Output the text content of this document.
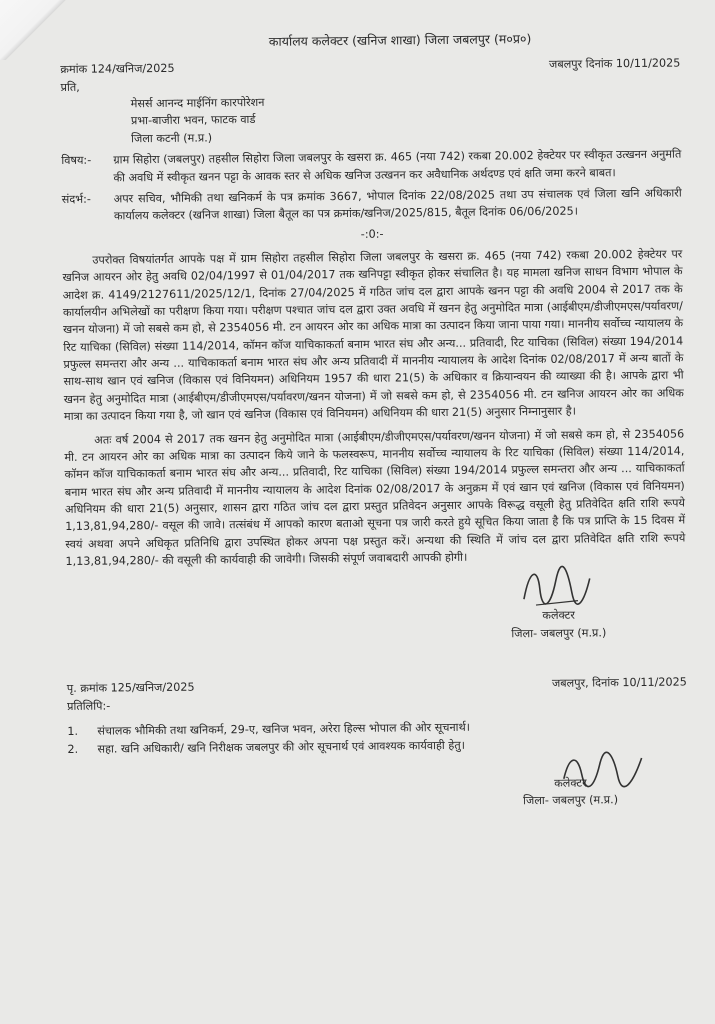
कार्यालय कलेक्टर (खनिज शाखा) जिला जबलपुर (म०प्र०)
क्रमांक 124/खनिज/2025	जबलपुर दिनांक 10/11/2025
प्रति,
मेसर्स आनन्द माईनिंग कारपोरेशन
प्रभा-बाजीरा भवन, फाटक वार्ड
जिला कटनी (म.प्र.)
विषय:-	ग्राम सिहोरा (जबलपुर) तहसील सिहोरा जिला जबलपुर के खसरा क्र. 465 (नया 742) रकबा 20.002 हेक्टेयर पर स्वीकृत उत्खनन अनुमति की अवधि में स्वीकृत खनन पट्टा के आवक स्तर से अधिक खनिज उत्खनन कर अवैधानिक अर्थदण्ड एवं क्षति जमा करने बाबत।
संदर्भ:-	अपर सचिव, भौमिकी तथा खनिकर्म के पत्र क्रमांक 3667, भोपाल दिनांक 22/08/2025 तथा उप संचालक एवं जिला खनि अधिकारी कार्यालय कलेक्टर (खनिज शाखा) जिला बैतूल का पत्र क्रमांक/खनिज/2025/815, बैतूल दिनांक 06/06/2025।
-:0:-
उपरोक्त विषयांतर्गत आपके पक्ष में ग्राम सिहोरा तहसील सिहोरा जिला जबलपुर के खसरा क्र. 465 (नया 742) रकबा 20.002 हेक्टेयर पर खनिज आयरन ओर हेतु अवधि 02/04/1997 से 01/04/2017 तक खनिपट्टा स्वीकृत होकर संचालित है। यह मामला खनिज साधन विभाग भोपाल के आदेश क्र. 4149/2127611/2025/12/1, दिनांक 27/04/2025 में गठित जांच दल द्वारा आपके खनन पट्टा की अवधि 2004 से 2017 तक के कार्यालयीन अभिलेखों का परीक्षण किया गया। परीक्षण पश्चात जांच दल द्वारा उक्त अवधि में खनन हेतु अनुमोदित मात्रा (आईबीएम/डीजीएमएस/पर्यावरण/खनन योजना) में जो सबसे कम हो, से 2354056 मी. टन आयरन ओर का अधिक मात्रा का उत्पादन किया जाना पाया गया। माननीय सर्वोच्च न्यायालय के रिट याचिका (सिविल) संख्या 114/2014, कॉमन कॉज याचिकाकर्ता बनाम भारत संघ और अन्य... प्रतिवादी, रिट याचिका (सिविल) संख्या 194/2014 प्रफुल्ल समन्तरा और अन्य ... याचिकाकर्ता बनाम भारत संघ और अन्य प्रतिवादी में माननीय न्यायालय के आदेश दिनांक 02/08/2017 में अन्य बातों के साथ-साथ खान एवं खनिज (विकास एवं विनियमन) अधिनियम 1957 की धारा 21(5) के अधिकार व क्रियान्वयन की व्याख्या की है। आपके द्वारा भी खनन हेतु अनुमोदित मात्रा (आईबीएम/डीजीएमएस/पर्यावरण/खनन योजना) में जो सबसे कम हो, से 2354056 मी. टन खनिज आयरन ओर का अधिक मात्रा का उत्पादन किया गया है, जो खान एवं खनिज (विकास एवं विनियमन) अधिनियम की धारा 21(5) अनुसार निम्नानुसार है।
अतः वर्ष 2004 से 2017 तक खनन हेतु अनुमोदित मात्रा (आईबीएम/डीजीएमएस/पर्यावरण/खनन योजना) में जो सबसे कम हो, से 2354056 मी. टन आयरन ओर का अधिक मात्रा का उत्पादन किये जाने के फलस्वरूप, माननीय सर्वोच्च न्यायालय के रिट याचिका (सिविल) संख्या 114/2014, कॉमन कॉज याचिकाकर्ता बनाम भारत संघ और अन्य... प्रतिवादी, रिट याचिका (सिविल) संख्या 194/2014 प्रफुल्ल समन्तरा और अन्य ... याचिकाकर्ता बनाम भारत संघ और अन्य प्रतिवादी में माननीय न्यायालय के आदेश दिनांक 02/08/2017 के अनुक्रम में एवं खान एवं खनिज (विकास एवं विनियमन) अधिनियम की धारा 21(5) अनुसार, शासन द्वारा गठित जांच दल द्वारा प्रस्तुत प्रतिवेदन अनुसार आपके विरूद्ध वसूली हेतु प्रतिवेदित क्षति राशि रूपये 1,13,81,94,280/- वसूल की जावे। तत्संबंध में आपको कारण बताओ सूचना पत्र जारी करते हुये सूचित किया जाता है कि पत्र प्राप्ति के 15 दिवस में स्वयं अथवा अपने अधिकृत प्रतिनिधि द्वारा उपस्थित होकर अपना पक्ष प्रस्तुत करें। अन्यथा की स्थिति में जांच दल द्वारा प्रतिवेदित क्षति राशि रूपये 1,13,81,94,280/- की वसूली की कार्यवाही की जावेगी। जिसकी संपूर्ण जवाबदारी आपकी होगी।
कलेक्टर
जिला- जबलपुर (म.प्र.)
पृ. क्रमांक 125/खनिज/2025	जबलपुर, दिनांक 10/11/2025
प्रतिलिपि:-
1.	संचालक भौमिकी तथा खनिकर्म, 29-ए, खनिज भवन, अरेरा हिल्स भोपाल की ओर सूचनार्थ।
2.	सहा. खनि अधिकारी/ खनि निरीक्षक जबलपुर की ओर सूचनार्थ एवं आवश्यक कार्यवाही हेतु।
कलेक्टर
जिला- जबलपुर (म.प्र.)
